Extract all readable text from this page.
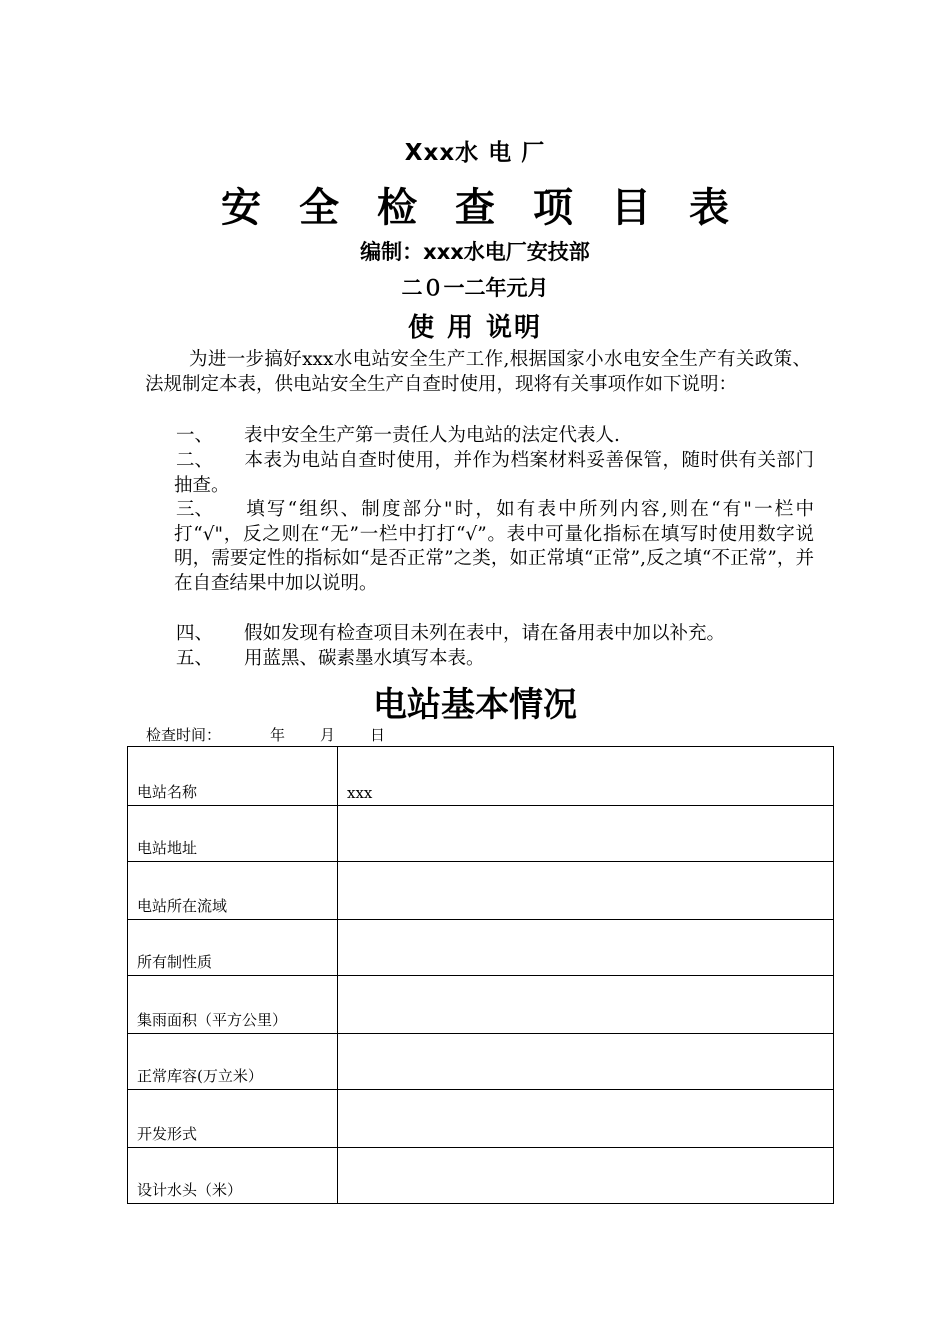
Xxx水 电 厂
安全检查项目表
编制：xxx水电厂安技部
二０一二年元月
使 用 说明
为进一步搞好xxx水电站安全生产工作,根据国家小水电安全生产有关政策、法规制定本表，供电站安全生产自查时使用，现将有关事项作如下说明：
一、 表中安全生产第一责任人为电站的法定代表人.
二、 本表为电站自查时使用，并作为档案材料妥善保管，随时供有关部门抽查。
三、 填写“组织、制度部分"时，如有表中所列内容,则在“有"一栏中打“√"，反之则在“无”一栏中打打“√”。表中可量化指标在填写时使用数字说明，需要定性的指标如“是否正常”之类，如正常填“正常”,反之填“不正常”，并在自查结果中加以说明。
四、 假如发现有检查项目未列在表中，请在备用表中加以补充。
五、 用蓝黑、碳素墨水填写本表。
电站基本情况
检查时间：	年 月 日
电站名称	xxx
电站地址	
电站所在流域	
所有制性质	
集雨面积（平方公里）	
正常库容(万立米）	
开发形式	
设计水头（米）	
